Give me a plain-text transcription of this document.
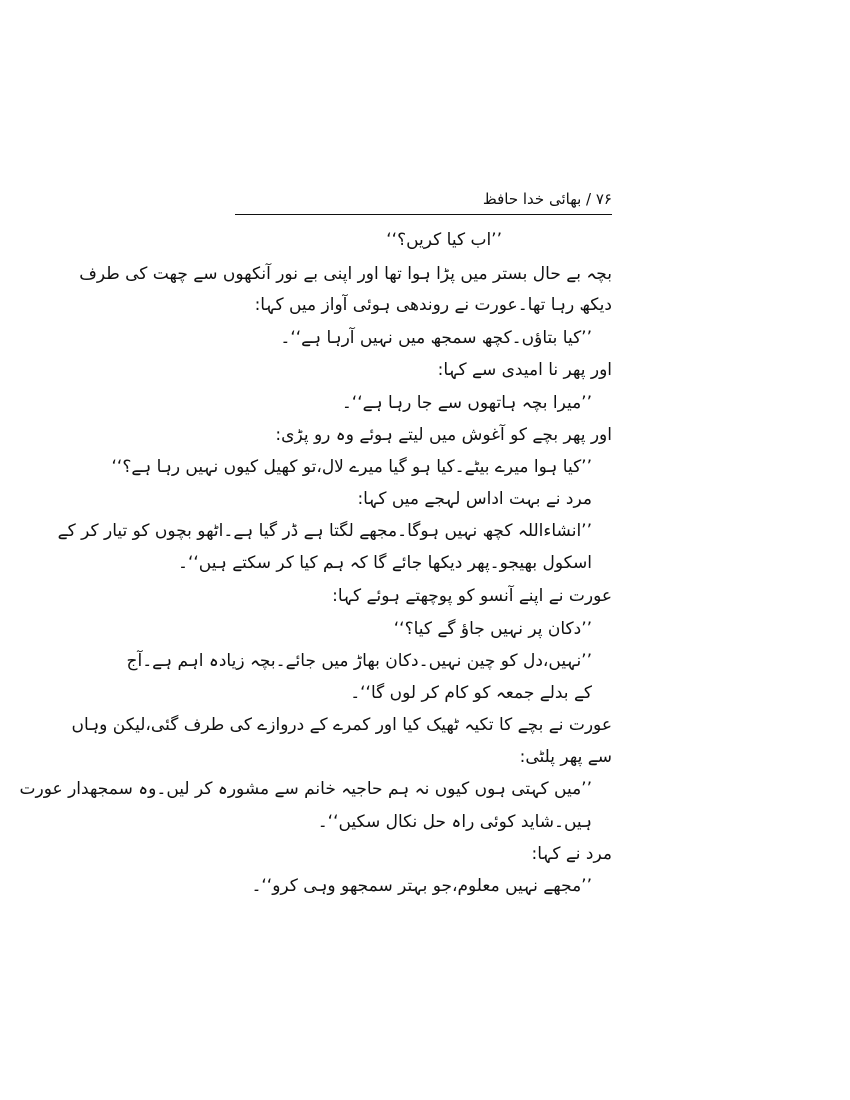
۷۶ / بھائی خدا حافظ
’’اب کیا کریں؟‘‘
بچہ بے حال بستر میں پڑا ہوا تھا اور اپنی بے نور آنکھوں سے چھت کی طرف
دیکھ رہا تھا۔عورت نے روندھی ہوئی آواز میں کہا:
’’کیا بتاؤں۔کچھ سمجھ میں نہیں آرہا ہے‘‘۔
اور پھر نا امیدی سے کہا:
’’میرا بچہ ہاتھوں سے جا رہا ہے‘‘۔
اور پھر بچے کو آغوش میں لیتے ہوئے وہ رو پڑی:
’’کیا ہوا میرے بیٹے۔کیا ہو گیا میرے لال،تو کھیل کیوں نہیں رہا ہے؟‘‘
مرد نے بہت اداس لہجے میں کہا:
’’انشاءاللہ کچھ نہیں ہوگا۔مجھے لگتا ہے ڈر گیا ہے۔اٹھو بچوں کو تیار کر کے
اسکول بھیجو۔پھر دیکھا جائے گا کہ ہم کیا کر سکتے ہیں‘‘۔
عورت نے اپنے آنسو کو پوچھتے ہوئے کہا:
’’دکان پر نہیں جاؤ گے کیا؟‘‘
’’نہیں،دل کو چین نہیں۔دکان بھاڑ میں جائے۔بچہ زیادہ اہم ہے۔آج
کے بدلے جمعہ کو کام کر لوں گا‘‘۔
عورت نے بچے کا تکیہ ٹھیک کیا اور کمرے کے دروازے کی طرف گئی،لیکن وہاں
سے پھر پلٹی:
’’میں کہتی ہوں کیوں نہ ہم حاجیہ خانم سے مشورہ کر لیں۔وہ سمجھدار عورت
ہیں۔شاید کوئی راہ حل نکال سکیں‘‘۔
مرد نے کہا:
’’مجھے نہیں معلوم،جو بہتر سمجھو وہی کرو‘‘۔
